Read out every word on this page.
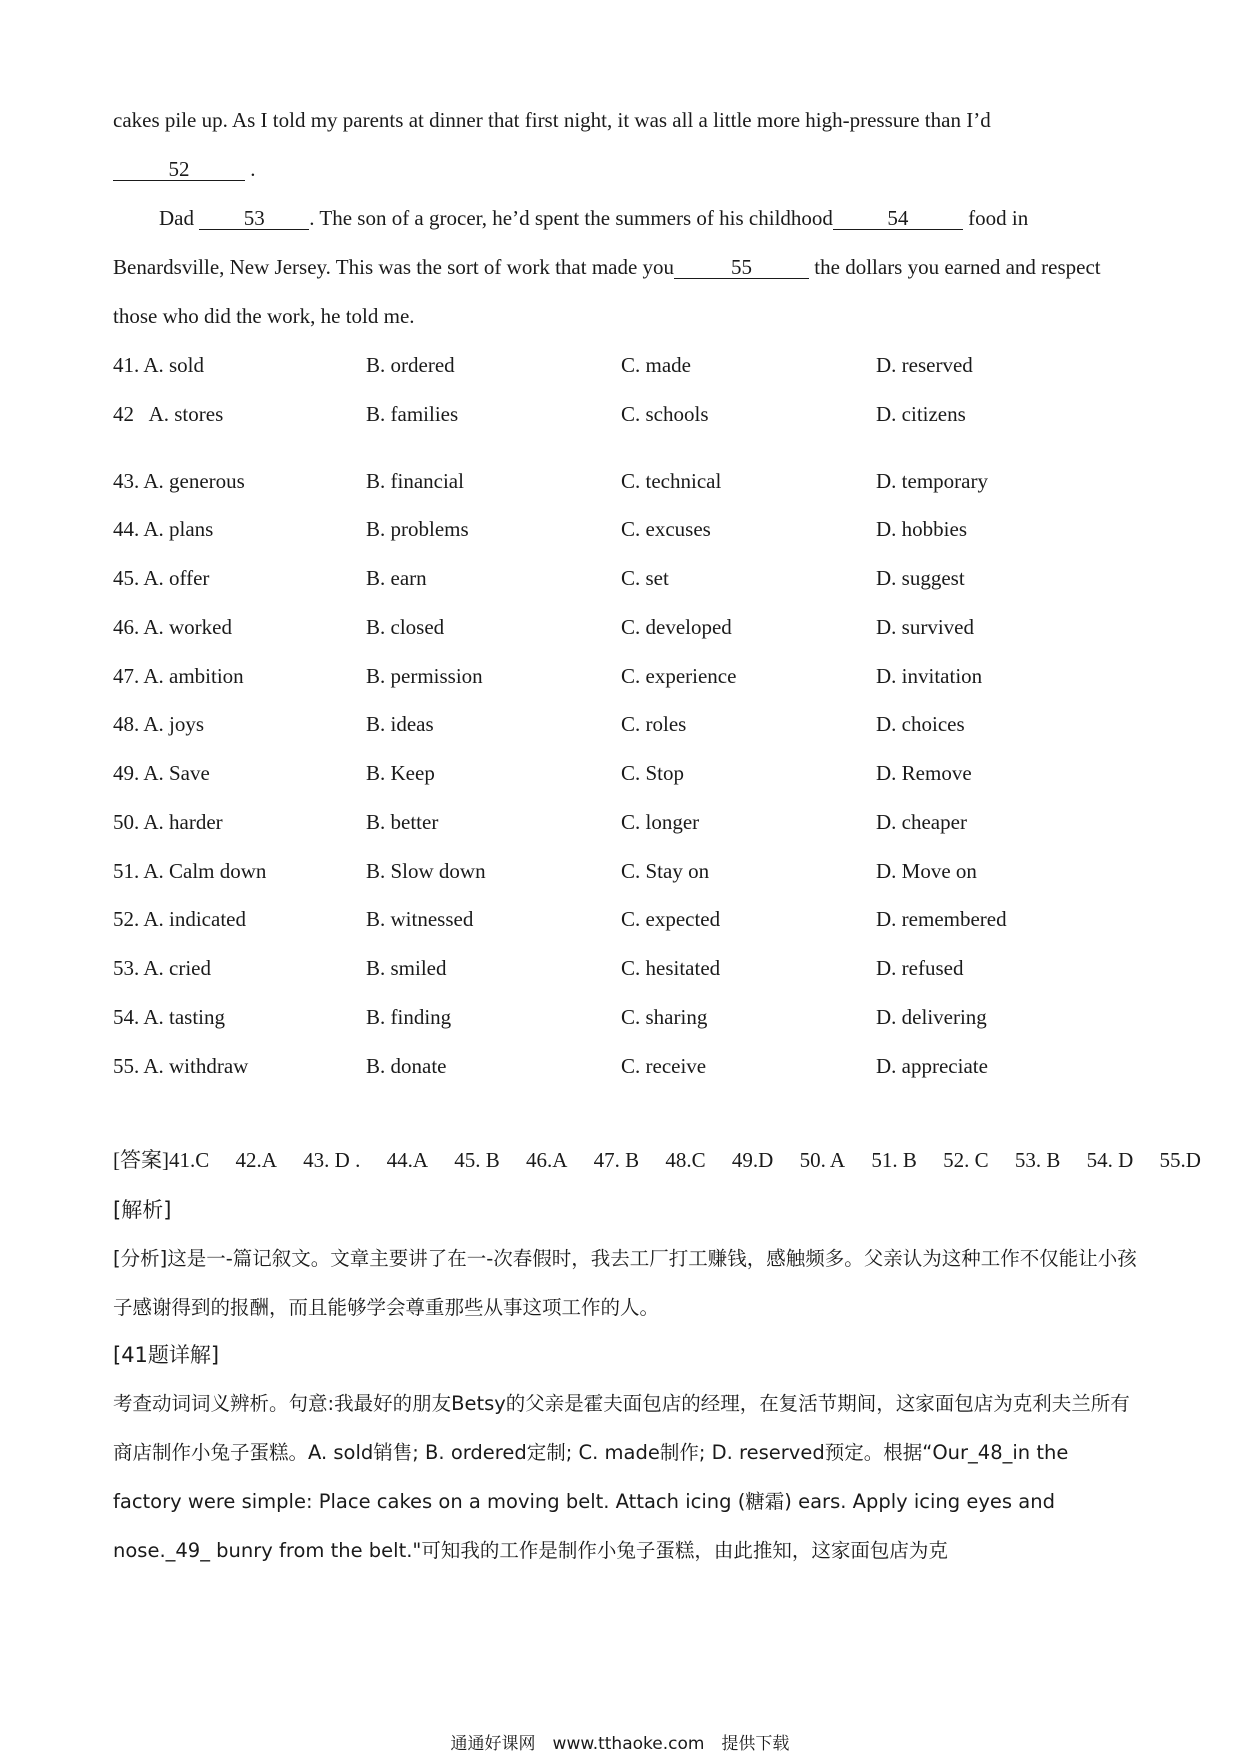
cakes pile up. As I told my parents at dinner that first night, it was all a little more high-pressure than I’d
52	.

Dad 53 . The son of a grocer, he’d spent the summers of his childhood	54	food in

Benardsville, New Jersey. This was the sort of work that made you	55	the dollars you earned and respect
those who did the work, he told me.

41. A. sold	B. ordered	C. made	D. reserved
42  A. stores	B. families	C. schools	D. citizens
43. A. generous	B. financial	C. technical	D. temporary
44. A. plans	B. problems	C. excuses	D. hobbies
45. A. offer	B. earn	C. set	D. suggest
46. A. worked	B. closed	C. developed	D. survived
47. A. ambition	B. permission	C. experience	D. invitation
48. A. joys	B. ideas	C. roles	D. choices
49. A. Save	B. Keep	C. Stop	D. Remove
50. A. harder	B. better	C. longer	D. cheaper
51. A. Calm down	B. Slow down	C. Stay on	D. Move on
52. A. indicated	B. witnessed	C. expected	D. remembered
53. A. cried	B. smiled	C. hesitated	D. refused
54. A. tasting	B. finding	C. sharing	D. delivering
55. A. withdraw	B. donate	C. receive	D. appreciate
[答案]41.C  42.A  43. D .  44.A  45. B  46.A  47. B  48.C  49.D  50. A  51. B  52. C  53. B  54. D  55.D
[解析]

[分析]这是一-篇记叙文。文章主要讲了在一-次春假时，我去工厂打工赚钱，感触频多。父亲认为这种工作不仅能让小孩子感谢得到的报酬，而且能够学会尊重那些从事这项工作的人。

[41题详解]

考查动词词义辨析。句意:我最好的朋友Betsy的父亲是霍夫面包店的经理，在复活节期间，这家面包店为克利夫兰所有商店制作小兔子蛋糕。A. sold销售; B. ordered定制; C. made制作; D. reserved预定。根据“Our_48_in the factory were simple: Place cakes on a moving belt. Attach icing (糖霜) ears. Apply icing eyes and nose._49_ bunry from the belt."可知我的工作是制作小兔子蛋糕，由此推知，这家面包店为克

通通好课网 www.tthaoke.com 提供下载
